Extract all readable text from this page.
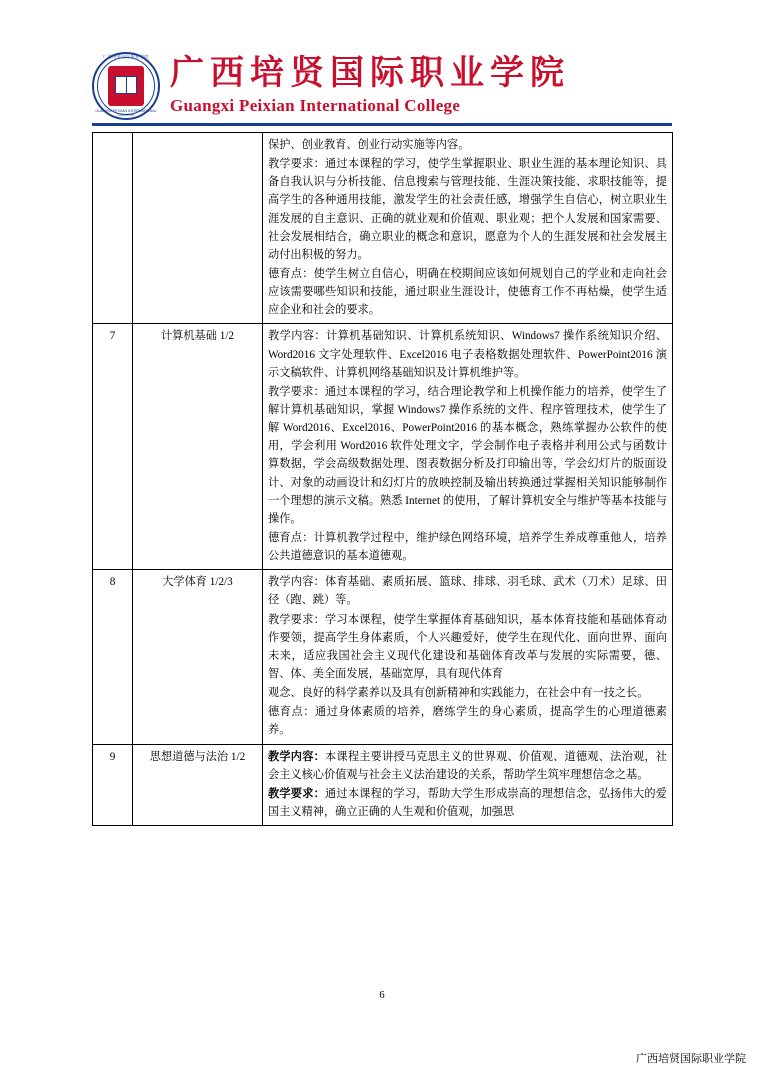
广西培贤国际职业学院
GUANGXI PEIXIAN INTERNATIONAL COLLEGE
广西培贤国际职业学院
Guangxi Peixian International College

		保护、创业教育、创业行动实施等内容。

教学要求：通过本课程的学习，使学生掌握职业、职业生涯的基本理论知识、具备自我认识与分析技能、信息搜索与管理技能、生涯决策技能、求职技能等，提高学生的各种通用技能，激发学生的社会责任感，增强学生自信心，树立职业生涯发展的自主意识、正确的就业观和价值观、职业观；把个人发展和国家需要、社会发展相结合，确立职业的概念和意识，愿意为个人的生涯发展和社会发展主动付出积极的努力。

德育点：使学生树立自信心，明确在校期间应该如何规划自己的学业和走向社会应该需要哪些知识和技能，通过职业生涯设计，使德育工作不再枯燥，使学生适应企业和社会的要求。

7	计算机基础 1/2	教学内容：计算机基础知识、计算机系统知识、Windows7 操作系统知识介绍、Word2016 文字处理软件、Excel2016 电子表格数据处理软件、PowerPoint2016 演示文稿软件、计算机网络基础知识及计算机维护等。

教学要求：通过本课程的学习，结合理论教学和上机操作能力的培养，使学生了解计算机基础知识，掌握 Windows7 操作系统的文件、程序管理技术，使学生了解 Word2016、Excel2016、PowerPoint2016 的基本概念，熟练掌握办公软件的使用，学会利用 Word2016 软件处理文字，学会制作电子表格并利用公式与函数计算数据，学会高级数据处理、图表数据分析及打印输出等，学会幻灯片的版面设计、对象的动画设计和幻灯片的放映控制及输出转换通过掌握相关知识能够制作一个理想的演示文稿。熟悉 Internet 的使用，了解计算机安全与维护等基本技能与操作。

德育点：计算机教学过程中，维护绿色网络环境，培养学生养成尊重他人，培养公共道德意识的基本道德观。

8	大学体育 1/2/3	教学内容：体育基础、素质拓展、篮球、排球、羽毛球、武术（刀术）足球、田径（跑、跳）等。

教学要求：学习本课程，使学生掌握体育基础知识，基本体育技能和基础体育动作要领，提高学生身体素质，个人兴趣爱好，使学生在现代化、面向世界、面向未来，适应我国社会主义现代化建设和基础体育改革与发展的实际需要，德、智、体、美全面发展，基础宽厚，具有现代体育

观念、良好的科学素养以及具有创新精神和实践能力，在社会中有一技之长。

德育点：通过身体素质的培养，磨练学生的身心素质，提高学生的心理道德素养。

9	思想道德与法治 1/2	教学内容：本课程主要讲授马克思主义的世界观、价值观、道德观、法治观，社会主义核心价值观与社会主义法治建设的关系，帮助学生筑牢理想信念之基。

教学要求：通过本课程的学习，帮助大学生形成崇高的理想信念，弘扬伟大的爱国主义精神，确立正确的人生观和价值观，加强思

6
广西培贤国际职业学院
